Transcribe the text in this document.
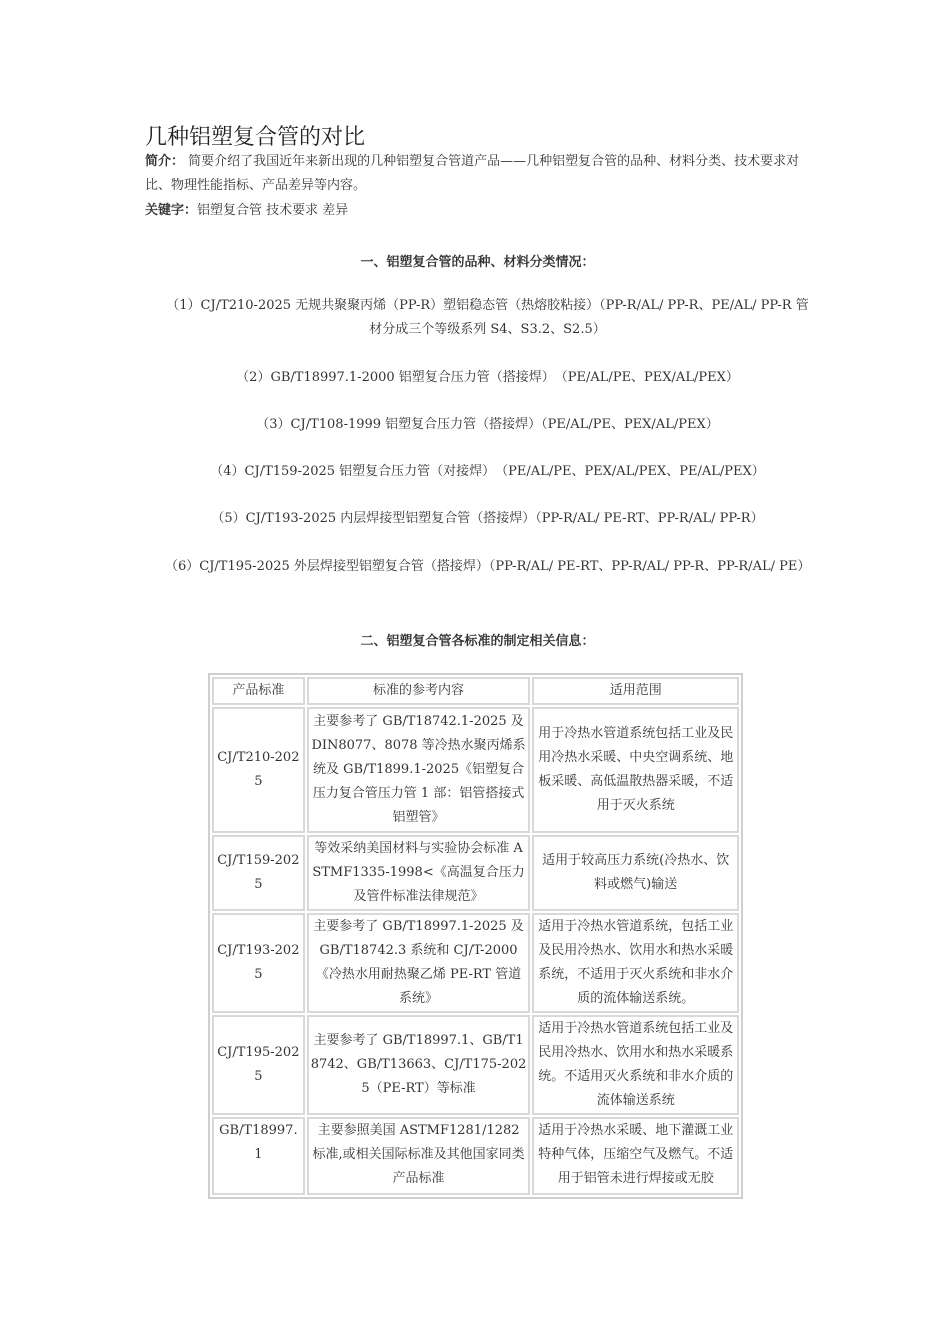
几种铝塑复合管的对比
简介： 简要介绍了我国近年来新出现的几种铝塑复合管道产品——几种铝塑复合管的品种、材料分类、技术要求对比、物理性能指标、产品差异等内容。
关键字：铝塑复合管 技术要求 差异
一、铝塑复合管的品种、材料分类情况：
（1）CJ/T210-2025 无规共聚聚丙烯（PP-R）塑铝稳态管（热熔胶粘接）（PP-R/AL/ PP-R、PE/AL/ PP-R 管材分成三个等级系列 S4、S3.2、S2.5）
（2）GB/T18997.1-2000 铝塑复合压力管（搭接焊）　（PE/AL/PE、PEX/AL/PEX）
（3）CJ/T108-1999 铝塑复合压力管（搭接焊）（PE/AL/PE、PEX/AL/PEX）
（4）CJ/T159-2025 铝塑复合压力管（对接焊）　（PE/AL/PE、PEX/AL/PEX、PE/AL/PEX）
（5）CJ/T193-2025 内层焊接型铝塑复合管（搭接焊）（PP-R/AL/ PE-RT、PP-R/AL/ PP-R）
（6）CJ/T195-2025 外层焊接型铝塑复合管（搭接焊）（PP-R/AL/ PE-RT、PP-R/AL/ PP-R、PP-R/AL/ PE）
二、铝塑复合管各标准的制定相关信息：
产品标准	标准的参考内容	适用范围
CJ/T210-2025	主要参考了 GB/T18742.1-2025 及 DIN8077、8078 等冷热水聚丙烯系统及 GB/T1899.1-2025《铝塑复合压力复合管压力管 1 部：铝管搭接式铝塑管》	用于冷热水管道系统包括工业及民用冷热水采暖、中央空调系统、地板采暖、高低温散热器采暖，不适用于灭火系统
CJ/T159-2025	等效采纳美国材料与实验协会标准 ASTMF1335-1998<《高温复合压力及管件标准法律规范》	适用于较高压力系统(冷热水、饮料或燃气)输送
CJ/T193-2025	主要参考了 GB/T18997.1-2025 及 GB/T18742.3 系统和 CJ/T-2000《冷热水用耐热聚乙烯 PE-RT 管道系统》	适用于冷热水管道系统，包括工业及民用冷热水、饮用水和热水采暖系统，不适用于灭火系统和非水介质的流体输送系统。
CJ/T195-2025	主要参考了 GB/T18997.1、GB/T18742、GB/T13663、CJ/T175-2025（PE-RT）等标准	适用于冷热水管道系统包括工业及民用冷热水、饮用水和热水采暖系统。不适用灭火系统和非水介质的流体输送系统
GB/T18997.1	主要参照美国 ASTMF1281/1282 标准,或相关国际标准及其他国家同类产品标准	适用于冷热水采暖、地下灌溉工业特种气体，压缩空气及燃气。不适用于铝管未进行焊接或无胶
